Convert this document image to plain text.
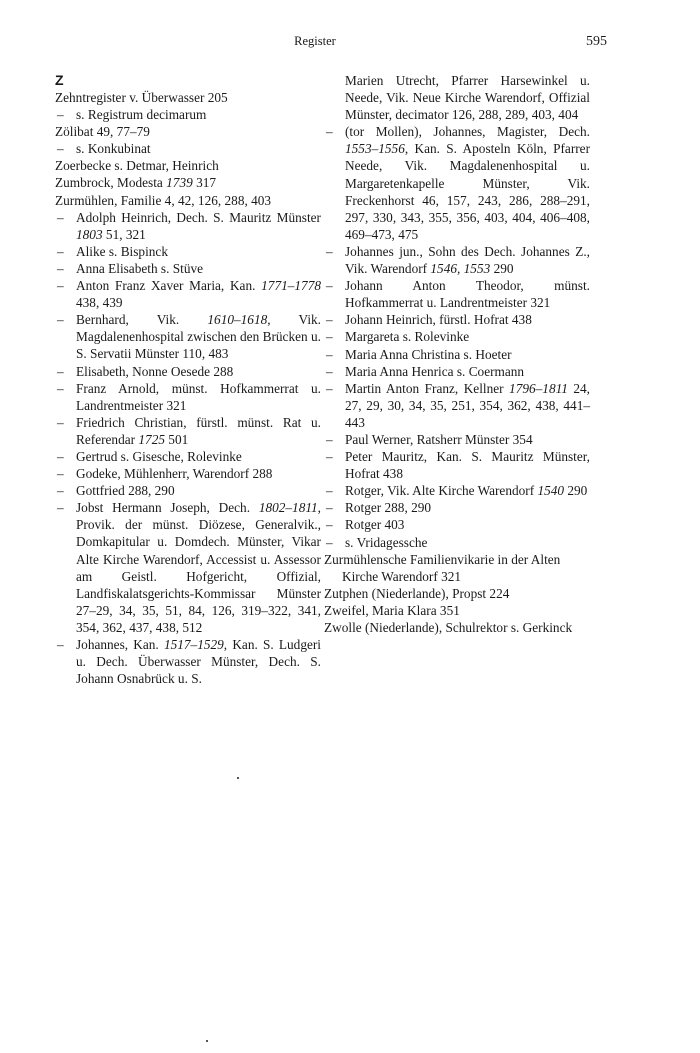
Register	595
Z
Zehntregister v. Überwasser 205
– s. Registrum decimarum
Zölibat 49, 77–79
– s. Konkubinat
Zoerbecke s. Detmar, Heinrich
Zumbrock, Modesta 1739 317
Zurmühlen, Familie 4, 42, 126, 288, 403
– Adolph Heinrich, Dech. S. Mauritz Münster 1803 51, 321
– Alike s. Bispinck
– Anna Elisabeth s. Stüve
– Anton Franz Xaver Maria, Kan. 1771–1778 438, 439
– Bernhard, Vik. 1610–1618, Vik. Magdalenenhospital zwischen den Brücken u. S. Servatii Münster 110, 483
– Elisabeth, Nonne Oesede 288
– Franz Arnold, münst. Hofkammerrat u. Landrentmeister 321
– Friedrich Christian, fürstl. münst. Rat u. Referendar 1725 501
– Gertrud s. Gisesche, Rolevinke
– Godeke, Mühlenherr, Warendorf 288
– Gottfried 288, 290
– Jobst Hermann Joseph, Dech. 1802–1811, Provik. der münst. Diözese, Generalvik., Domkapitular u. Domdech. Münster, Vikar Alte Kirche Warendorf, Accessist u. Assessor am Geistl. Hofgericht, Offizial, Landfiskalatsgerichts-Kommissar Münster 27–29, 34, 35, 51, 84, 126, 319–322, 341, 354, 362, 437, 438, 512
– Johannes, Kan. 1517–1529, Kan. S. Ludgeri u. Dech. Überwasser Münster, Dech. S. Johann Osnabrück u. S.
Marien Utrecht, Pfarrer Harsewinkel u. Neede, Vik. Neue Kirche Warendorf, Offizial Münster, decimator 126, 288, 289, 403, 404
– (tor Mollen), Johannes, Magister, Dech. 1553–1556, Kan. S. Aposteln Köln, Pfarrer Neede, Vik. Magdalenenhospital u. Margaretenkapelle Münster, Vik. Freckenhorst 46, 157, 243, 286, 288–291, 297, 330, 343, 355, 356, 403, 404, 406–408, 469–473, 475
– Johannes jun., Sohn des Dech. Johannes Z., Vik. Warendorf 1546, 1553 290
– Johann Anton Theodor, münst. Hofkammerrat u. Landrentmeister 321
– Johann Heinrich, fürstl. Hofrat 438
– Margareta s. Rolevinke
– Maria Anna Christina s. Hoeter
– Maria Anna Henrica s. Coermann
– Martin Anton Franz, Kellner 1796–1811 24, 27, 29, 30, 34, 35, 251, 354, 362, 438, 441–443
– Paul Werner, Ratsherr Münster 354
– Peter Mauritz, Kan. S. Mauritz Münster, Hofrat 438
– Rotger, Vik. Alte Kirche Warendorf 1540 290
– Rotger 288, 290
– Rotger 403
– s. Vridagessche
Zurmühlensche Familienvikarie in der Alten Kirche Warendorf 321
Zutphen (Niederlande), Propst 224
Zweifel, Maria Klara 351
Zwolle (Niederlande), Schulrektor s. Gerkinck
